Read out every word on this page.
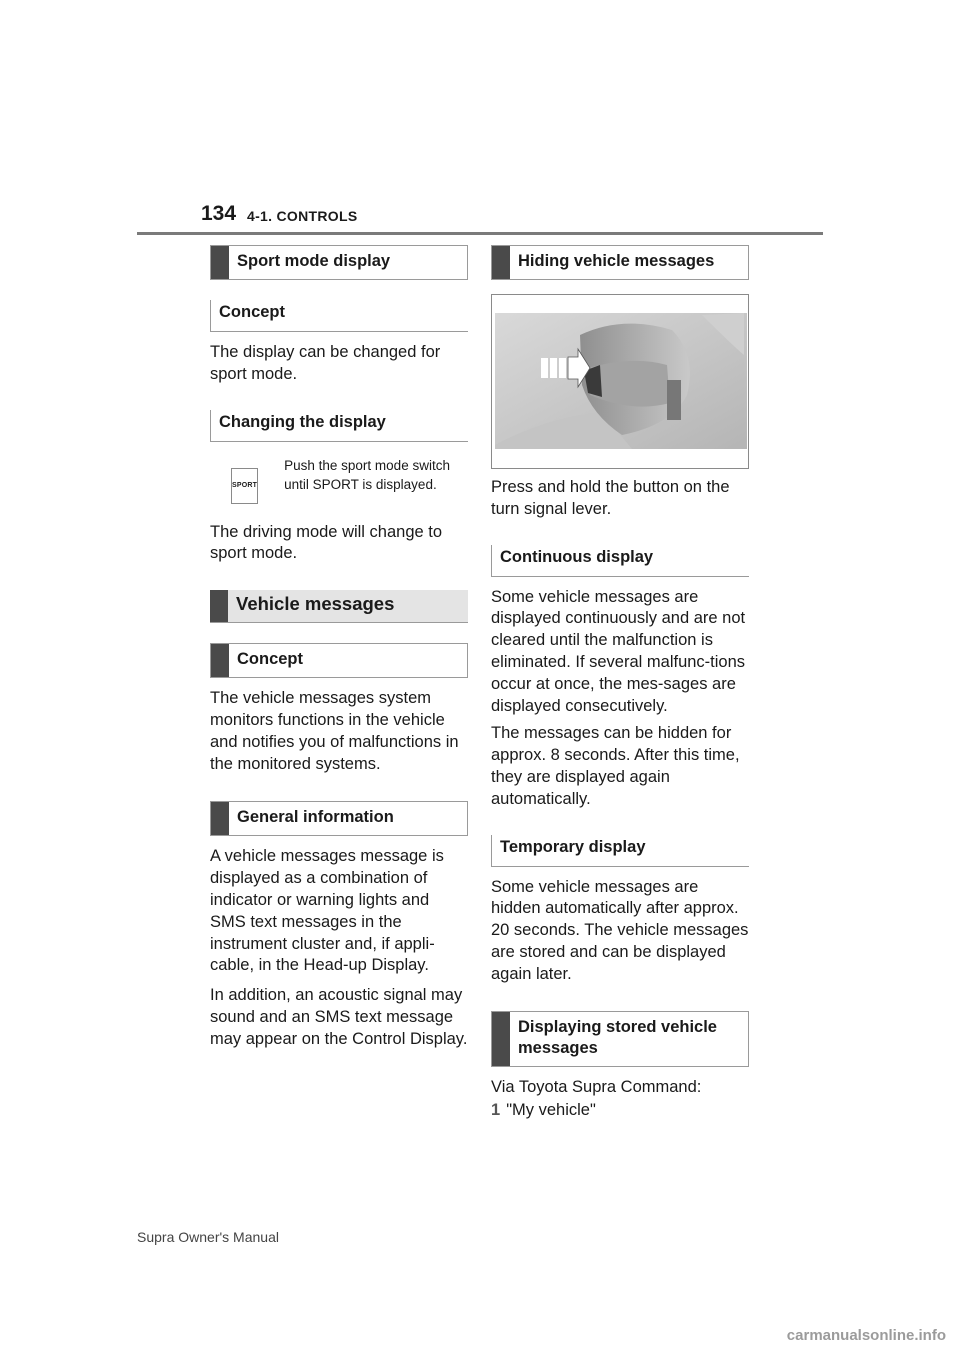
134 4-1. CONTROLS
Sport mode display
Concept

The display can be changed for sport mode.

Changing the display
SPORT
Push the sport mode switch until SPORT is displayed.

The driving mode will change to sport mode.

Vehicle messages
Concept

The vehicle messages system monitors functions in the vehicle and notifies you of malfunctions in the monitored systems.

General information

A vehicle messages message is displayed as a combination of indicator or warning lights and SMS text messages in the instrument cluster and, if appli-cable, in the Head-up Display.

In addition, an acoustic signal may sound and an SMS text message may appear on the Control Display.

Hiding vehicle messages

Press and hold the button on the turn signal lever.

Continuous display

Some vehicle messages are displayed continuously and are not cleared until the malfunction is eliminated. If several malfunc-tions occur at once, the mes-sages are displayed consecutively.

The messages can be hidden for approx. 8 seconds. After this time, they are displayed again automatically.

Temporary display

Some vehicle messages are hidden automatically after approx. 20 seconds. The vehicle messages are stored and can be displayed again later.

Displaying stored vehicle messages

Via Toyota Supra Command:

1 "My vehicle"
Supra Owner's Manual
carmanualsonline.info
